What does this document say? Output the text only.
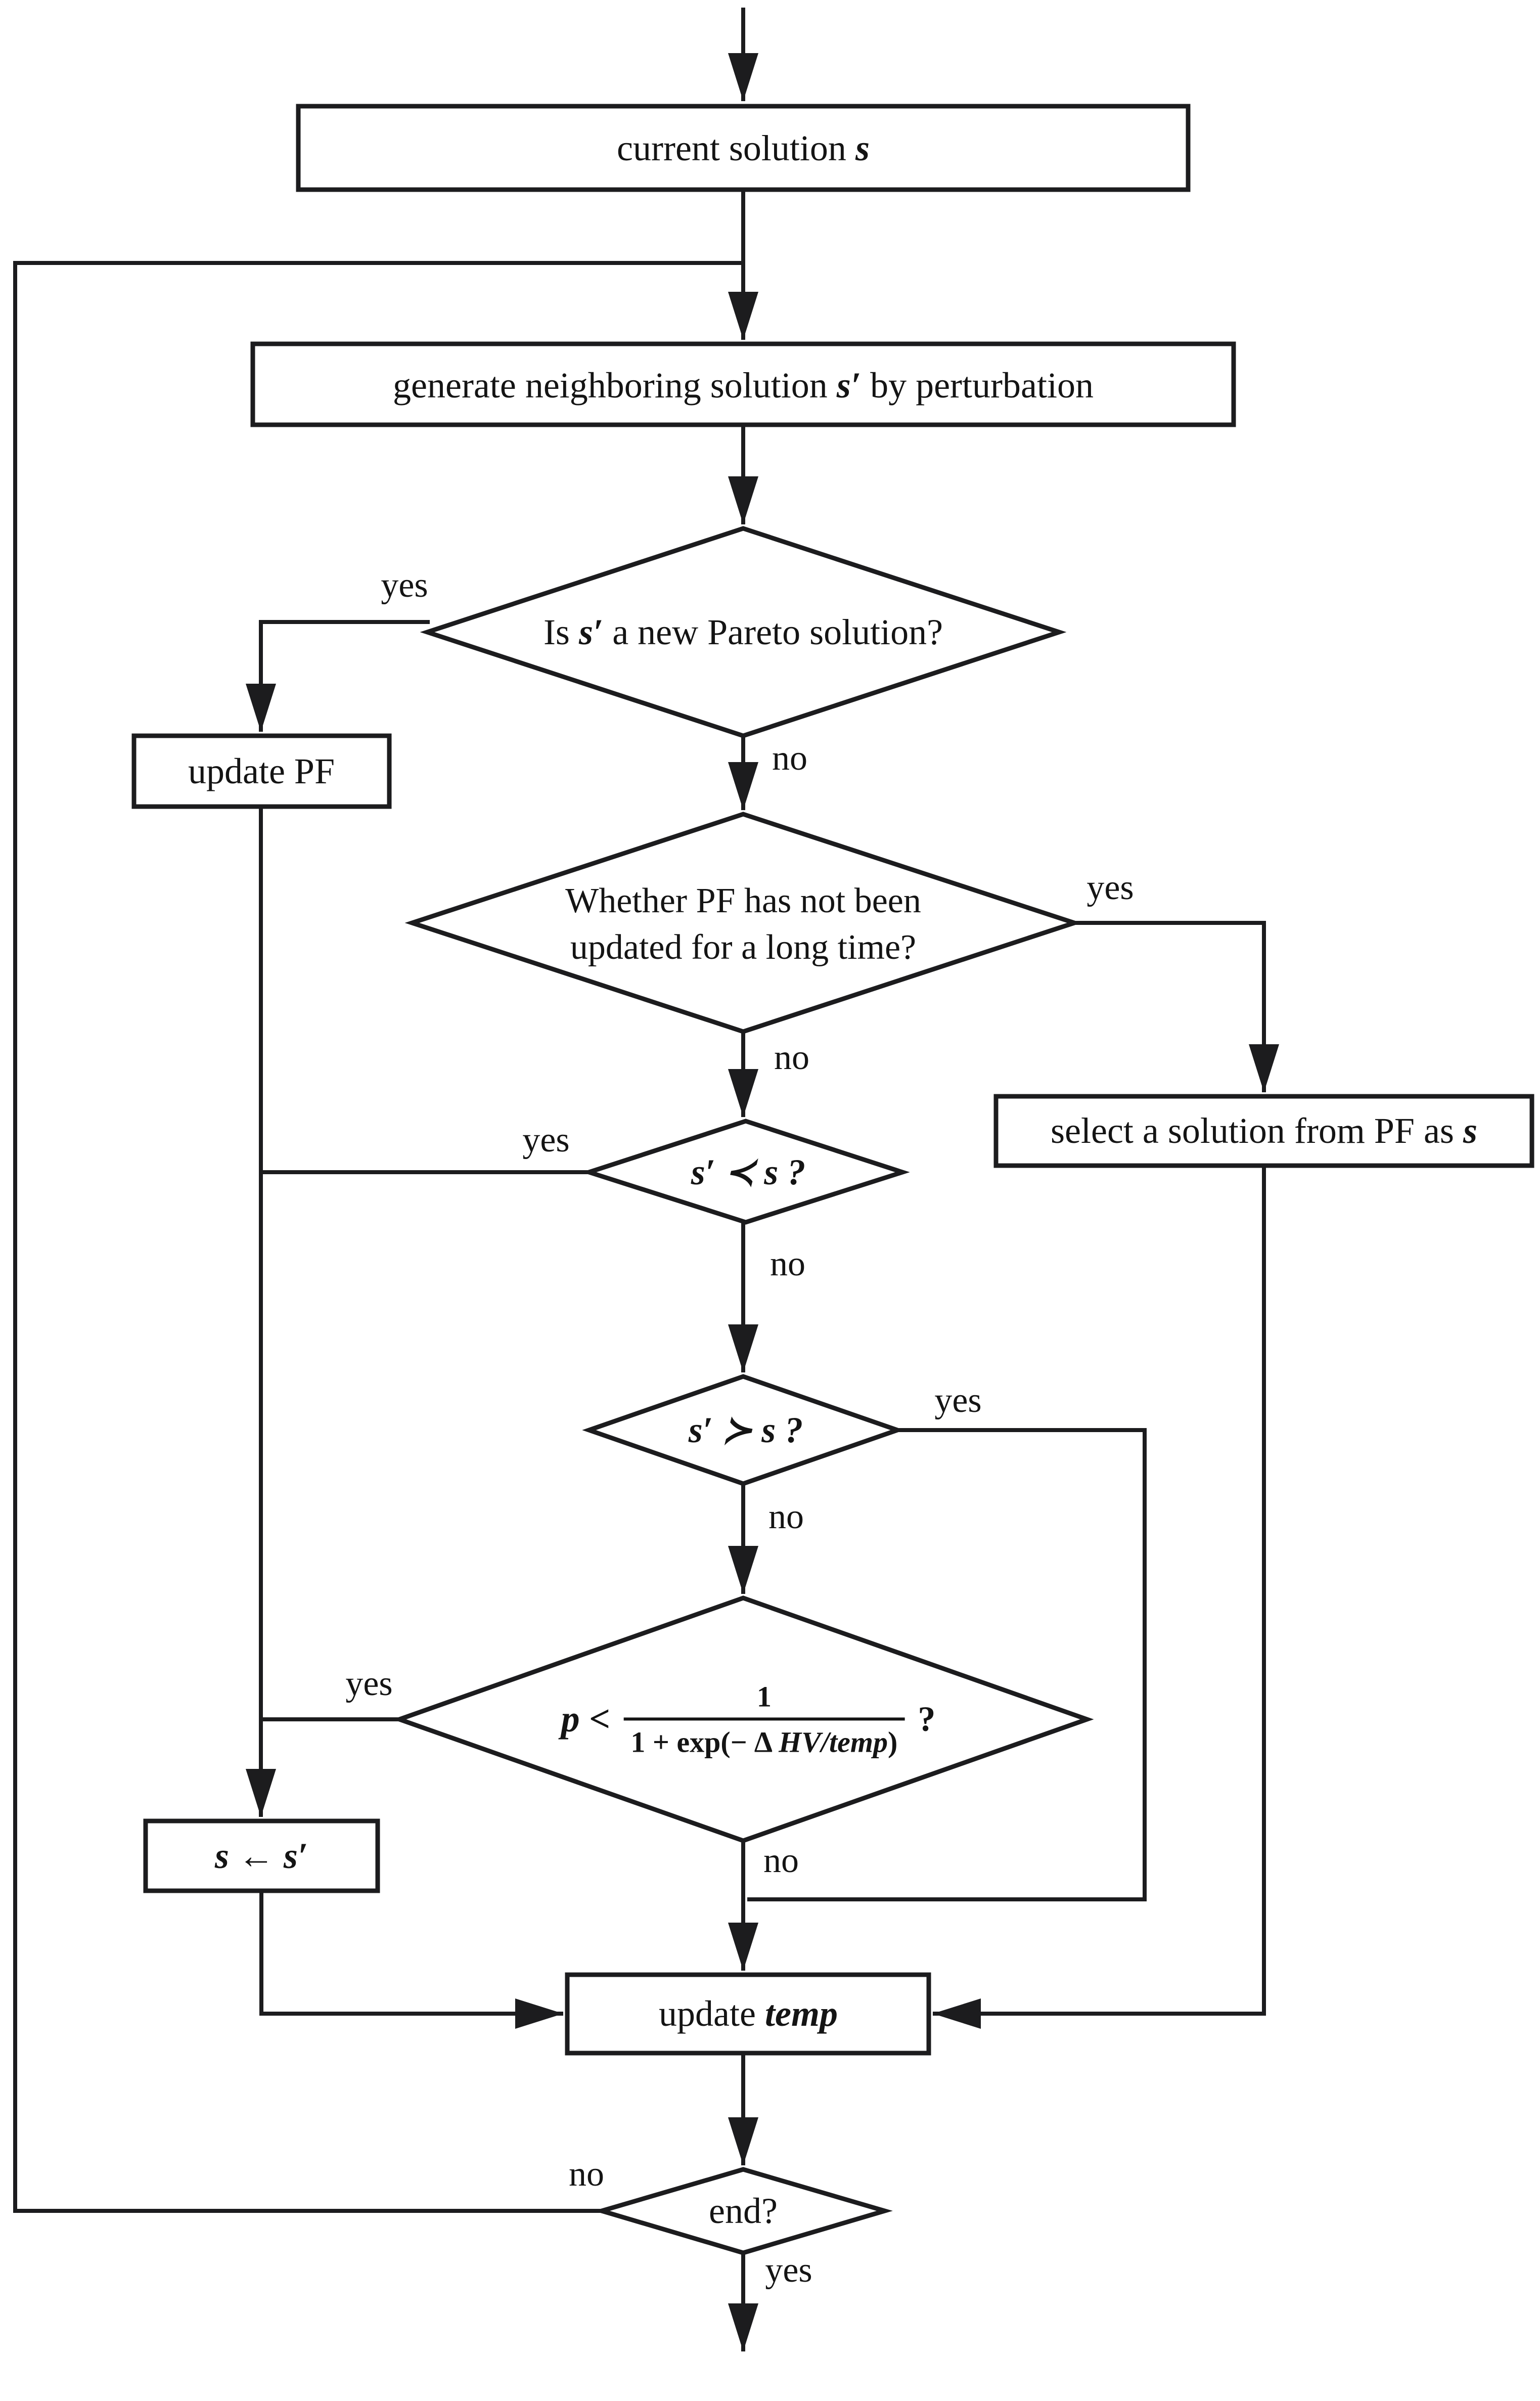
current solution s
generate neighboring solution s′ by perturbation
Is s′ a new Pareto solution?
update PF
Whether PF has not been
updated for a long time?
select a solution from PF as s
s′ ≺ s ?
s′ ≻ s ?
$p < \frac{1}{\text{1 + exp(− Δ HV/temp )}}$ ?
s ← s′
update temp
end?
yes
no
yes
no
yes
no
yes
no
yes
no
no
yes
